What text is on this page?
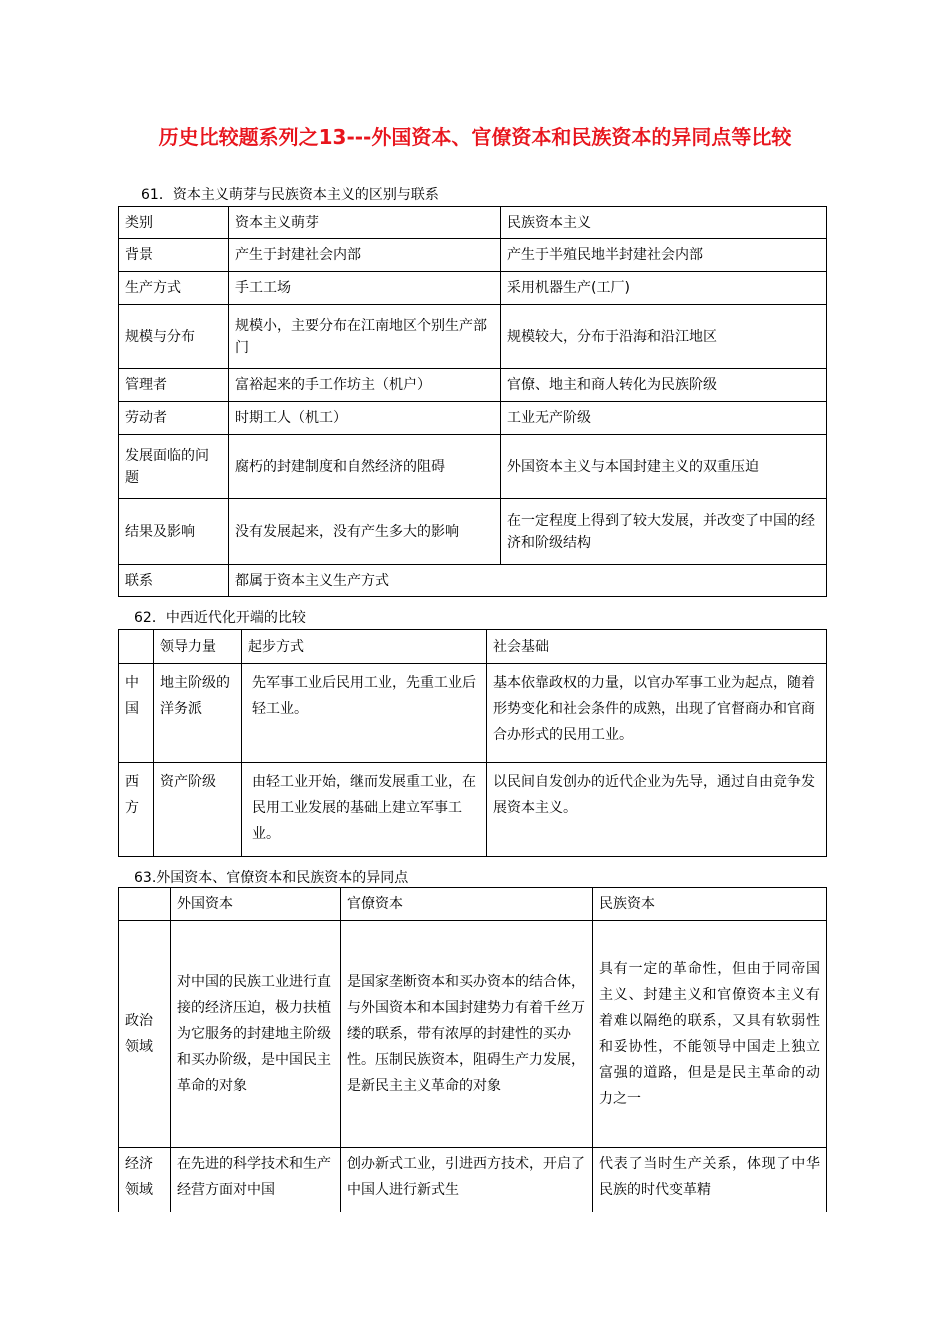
历史比较题系列之13---外国资本、官僚资本和民族资本的异同点等比较
61．资本主义萌芽与民族资本主义的区别与联系
类别	资本主义萌芽	民族资本主义
背景	产生于封建社会内部	产生于半殖民地半封建社会内部
生产方式	手工工场	采用机器生产(工厂)
规模与分布	规模小，主要分布在江南地区个别生产部门	规模较大，分布于沿海和沿江地区
管理者	富裕起来的手工作坊主（机户）	官僚、地主和商人转化为民族阶级
劳动者	时期工人（机工）	工业无产阶级
发展面临的问题	腐朽的封建制度和自然经济的阻碍	外国资本主义与本国封建主义的双重压迫
结果及影响	没有发展起来，没有产生多大的影响	在一定程度上得到了较大发展，并改变了中国的经济和阶级结构
联系	都属于资本主义生产方式	
62．中西近代化开端的比较
	领导力量	起步方式	社会基础
中国	地主阶级的洋务派	先军事工业后民用工业，先重工业后轻工业。	基本依靠政权的力量，以官办军事工业为起点，随着形势变化和社会条件的成熟，出现了官督商办和官商合办形式的民用工业。
西方	资产阶级	由轻工业开始，继而发展重工业，在民用工业发展的基础上建立军事工业。	以民间自发创办的近代企业为先导，通过自由竞争发展资本主义。
63.外国资本、官僚资本和民族资本的异同点
	外国资本	官僚资本	民族资本
政治领域	对中国的民族工业进行直接的经济压迫，极力扶植为它服务的封建地主阶级和买办阶级，是中国民主革命的对象	是国家垄断资本和买办资本的结合体，与外国资本和本国封建势力有着千丝万缕的联系，带有浓厚的封建性的买办性。压制民族资本，阻碍生产力发展，是新民主主义革命的对象	具有一定的革命性，但由于同帝国主义、封建主义和官僚资本主义有着难以隔绝的联系，又具有软弱性和妥协性，不能领导中国走上独立富强的道路，但是是民主革命的动力之一
经济领域	在先进的科学技术和生产经营方面对中国	创办新式工业，引进西方技术，开启了中国人进行新式生	代表了当时生产关系，体现了中华民族的时代变革精
